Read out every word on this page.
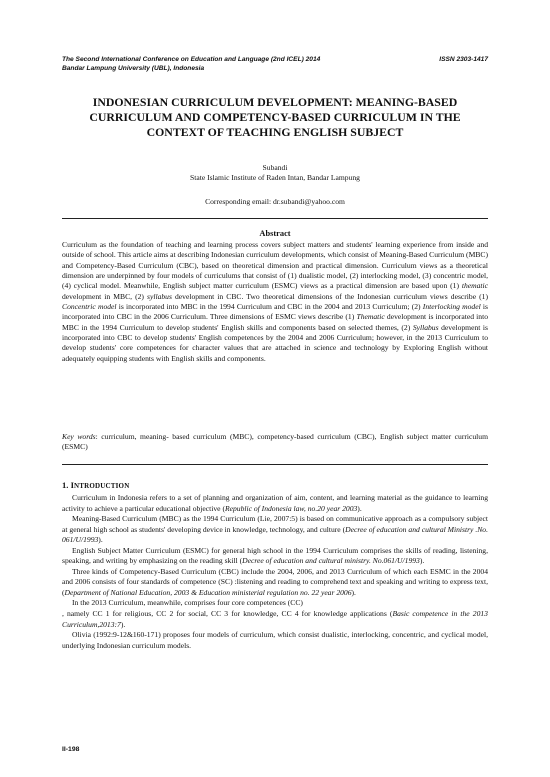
The Second International Conference on Education and Language (2nd ICEL) 2014	ISSN 2303-1417
Bandar Lampung University (UBL), Indonesia
INDONESIAN CURRICULUM DEVELOPMENT: MEANING-BASED CURRICULUM AND COMPETENCY-BASED CURRICULUM IN THE CONTEXT OF TEACHING ENGLISH SUBJECT
Subandi
State Islamic Institute of Raden Intan, Bandar Lampung
Corresponding email: dr.subandi@yahoo.com
Abstract

Curriculum as the foundation of teaching and learning process covers subject matters and students' learning experience from inside and outside of school. This article aims at describing Indonesian curriculum developments, which consist of Meaning-Based Curriculum (MBC) and Competency-Based Curriculum (CBC), based on theoretical dimension and practical dimension. Curriculum views as a theoretical dimension are underpinned by four models of curriculums that consist of (1) dualistic model, (2) interlocking model, (3) concentric model, (4) cyclical model. Meanwhile, English subject matter curriculum (ESMC) views as a practical dimension are based upon (1) thematic development in MBC, (2) syllabus development in CBC. Two theoretical dimensions of the Indonesian curriculum views describe (1) Concentric model is incorporated into MBC in the 1994 Curriculum and CBC in the 2004 and 2013 Curriculum; (2) Interlocking model is incorporated into CBC in the 2006 Curriculum. Three dimensions of ESMC views describe (1) Thematic development is incorporated into MBC in the 1994 Curriculum to develop students' English skills and components based on selected themes, (2) Syllabus development is incorporated into CBC to develop students' English competences by the 2004 and 2006 Curriculum; however, in the 2013 Curriculum to develop students' core competences for character values that are attached in science and technology by Exploring English without adequately equipping students with English skills and components.

Key words: curriculum, meaning- based curriculum (MBC), competency-based curriculum (CBC), English subject matter curriculum (ESMC)

1. INTRODUCTION

Curriculum in Indonesia refers to a set of planning and organization of aim, content, and learning material as the guidance to learning activity to achieve a particular educational objective (Republic of Indonesia law, no.20 year 2003).

Meaning-Based Curriculum (MBC) as the 1994 Curriculum (Lie, 2007:5) is based on communicative approach as a compulsory subject at general high school as students' developing device in knowledge, technology, and culture (Decree of education and cultural Ministry .No. 061/U/1993).

English Subject Matter Curriculum (ESMC) for general high school in the 1994 Curriculum comprises the skills of reading, listening, speaking, and writing by emphasizing on the reading skill (Decree of education and cultural ministry. No.061/U/1993).

Three kinds of Competency-Based Curriculum (CBC) include the 2004, 2006, and 2013 Curriculum of which each ESMC in the 2004 and 2006 consists of four standards of competence (SC) :listening and reading to comprehend text and speaking and writing to express text, (Department of National Education, 2003 & Education ministerial regulation no. 22 year 2006).

In the 2013 Curriculum, meanwhile, comprises four core competences (CC)

, namely CC 1 for religious, CC 2 for social, CC 3 for knowledge, CC 4 for knowledge applications (Basic competence in the 2013 Curriculum,2013:7).

Olivia (1992:9-12&160-171) proposes four models of curriculum, which consist dualistic, interlocking, concentric, and cyclical model, underlying Indonesian curriculum models.

II-198
